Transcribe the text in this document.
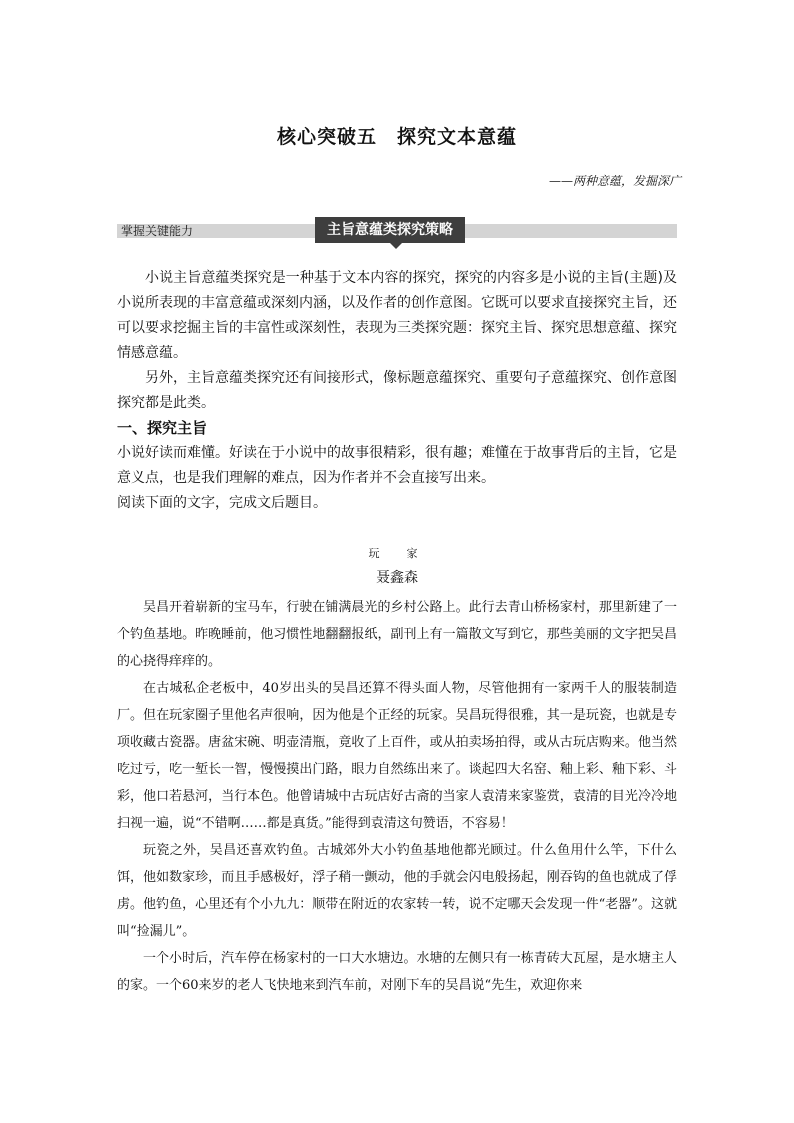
核心突破五　探究文本意蕴
——两种意蕴，发掘深广
掌握关键能力	主旨意蕴类探究策略

小说主旨意蕴类探究是一种基于文本内容的探究，探究的内容多是小说的主旨(主题)及小说所表现的丰富意蕴或深刻内涵，以及作者的创作意图。它既可以要求直接探究主旨，还可以要求挖掘主旨的丰富性或深刻性，表现为三类探究题：探究主旨、探究思想意蕴、探究情感意蕴。

另外，主旨意蕴类探究还有间接形式，像标题意蕴探究、重要句子意蕴探究、创作意图探究都是此类。

一、探究主旨

小说好读而难懂。好读在于小说中的故事很精彩，很有趣；难懂在于故事背后的主旨，它是意义点，也是我们理解的难点，因为作者并不会直接写出来。

阅读下面的文字，完成文后题目。

玩　家
聂鑫森

吴昌开着崭新的宝马车，行驶在铺满晨光的乡村公路上。此行去青山桥杨家村，那里新建了一个钓鱼基地。昨晚睡前，他习惯性地翻翻报纸，副刊上有一篇散文写到它，那些美丽的文字把吴昌的心挠得痒痒的。

在古城私企老板中，40岁出头的吴昌还算不得头面人物，尽管他拥有一家两千人的服装制造厂。但在玩家圈子里他名声很响，因为他是个正经的玩家。吴昌玩得很雅，其一是玩瓷，也就是专项收藏古瓷器。唐盆宋碗、明壶清瓶，竟收了上百件，或从拍卖场拍得，或从古玩店购来。他当然吃过亏，吃一堑长一智，慢慢摸出门路，眼力自然练出来了。谈起四大名窑、釉上彩、釉下彩、斗彩，他口若悬河，当行本色。他曾请城中古玩店好古斋的当家人袁清来家鉴赏，袁清的目光冷冷地扫视一遍，说“不错啊……都是真货。”能得到袁清这句赞语，不容易！

玩瓷之外，吴昌还喜欢钓鱼。古城郊外大小钓鱼基地他都光顾过。什么鱼用什么竿，下什么饵，他如数家珍，而且手感极好，浮子稍一颤动，他的手就会闪电般扬起，刚吞钩的鱼也就成了俘虏。他钓鱼，心里还有个小九九：顺带在附近的农家转一转，说不定哪天会发现一件“老器”。这就叫“捡漏儿”。

一个小时后，汽车停在杨家村的一口大水塘边。水塘的左侧只有一栋青砖大瓦屋，是水塘主人的家。一个60来岁的老人飞快地来到汽车前，对刚下车的吴昌说“先生，欢迎你来
